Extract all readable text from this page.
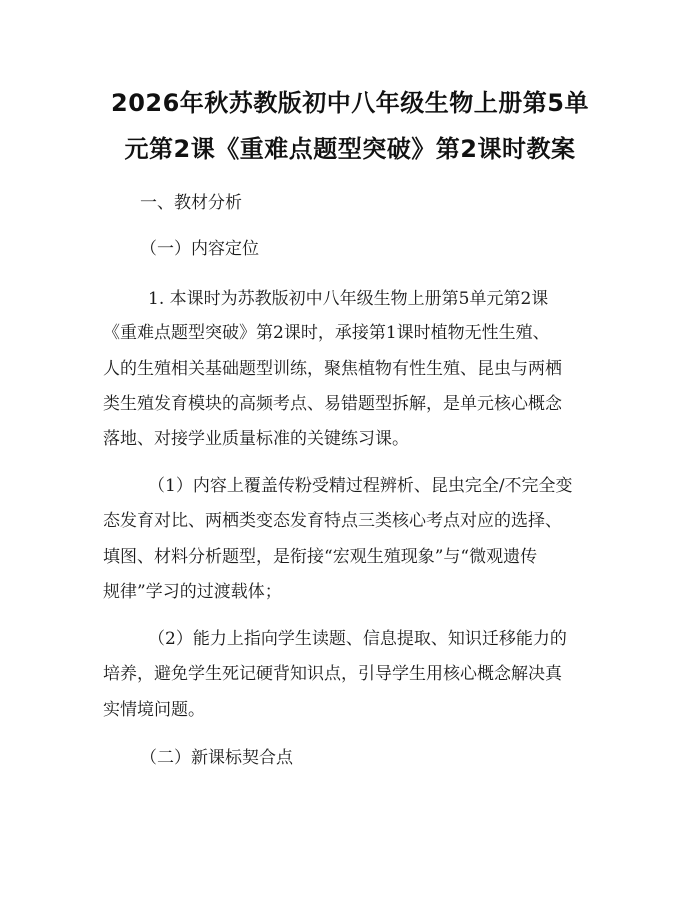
2026年秋苏教版初中八年级生物上册第5单
元第2课《重难点题型突破》第2课时教案
一、教材分析
（一）内容定位
1. 本课时为苏教版初中八年级生物上册第5单元第2课
《重难点题型突破》第2课时，承接第1课时植物无性生殖、
人的生殖相关基础题型训练，聚焦植物有性生殖、昆虫与两栖
类生殖发育模块的高频考点、易错题型拆解，是单元核心概念
落地、对接学业质量标准的关键练习课。
（1）内容上覆盖传粉受精过程辨析、昆虫完全/不完全变
态发育对比、两栖类变态发育特点三类核心考点对应的选择、
填图、材料分析题型，是衔接“宏观生殖现象”与“微观遗传
规律”学习的过渡载体；
（2）能力上指向学生读题、信息提取、知识迁移能力的
培养，避免学生死记硬背知识点，引导学生用核心概念解决真
实情境问题。
（二）新课标契合点
